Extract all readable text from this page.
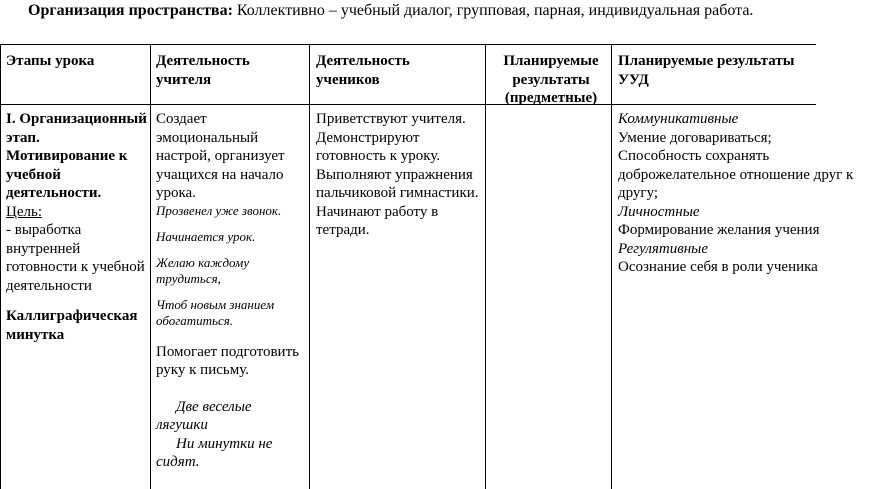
Организация пространства: Коллективно – учебный диалог, групповая, парная, индивидуальная работа.
Этапы урока	Деятельность учителя
Деятельность учеников
Планируемые результаты (предметные)
Планируемые результаты УУД

I. Организационный этап. Мотивирование к учебной деятельности.

Цель:

- выработка внутренней готовности к учебной деятельности

Каллиграфическая минутка

Создает эмоциональный настрой, организует учащихся на начало урока.

Прозвенел уже звонок.

Начинается урок.

Желаю каждому трудиться,

Чтоб новым знанием обогатиться.

Помогает подготовить руку к письму.

Две веселые лягушки

Ни минутки не сидят.

Приветствуют учителя. Демонстрируют готовность к уроку. Выполняют упражнения пальчиковой гимнастики. Начинают работу в тетради.

Коммуникативные

Умение договариваться;

Способность сохранять доброжелательное отношение друг к другу;

Личностные

Формирование желания учения

Регулятивные

Осознание себя в роли ученика
